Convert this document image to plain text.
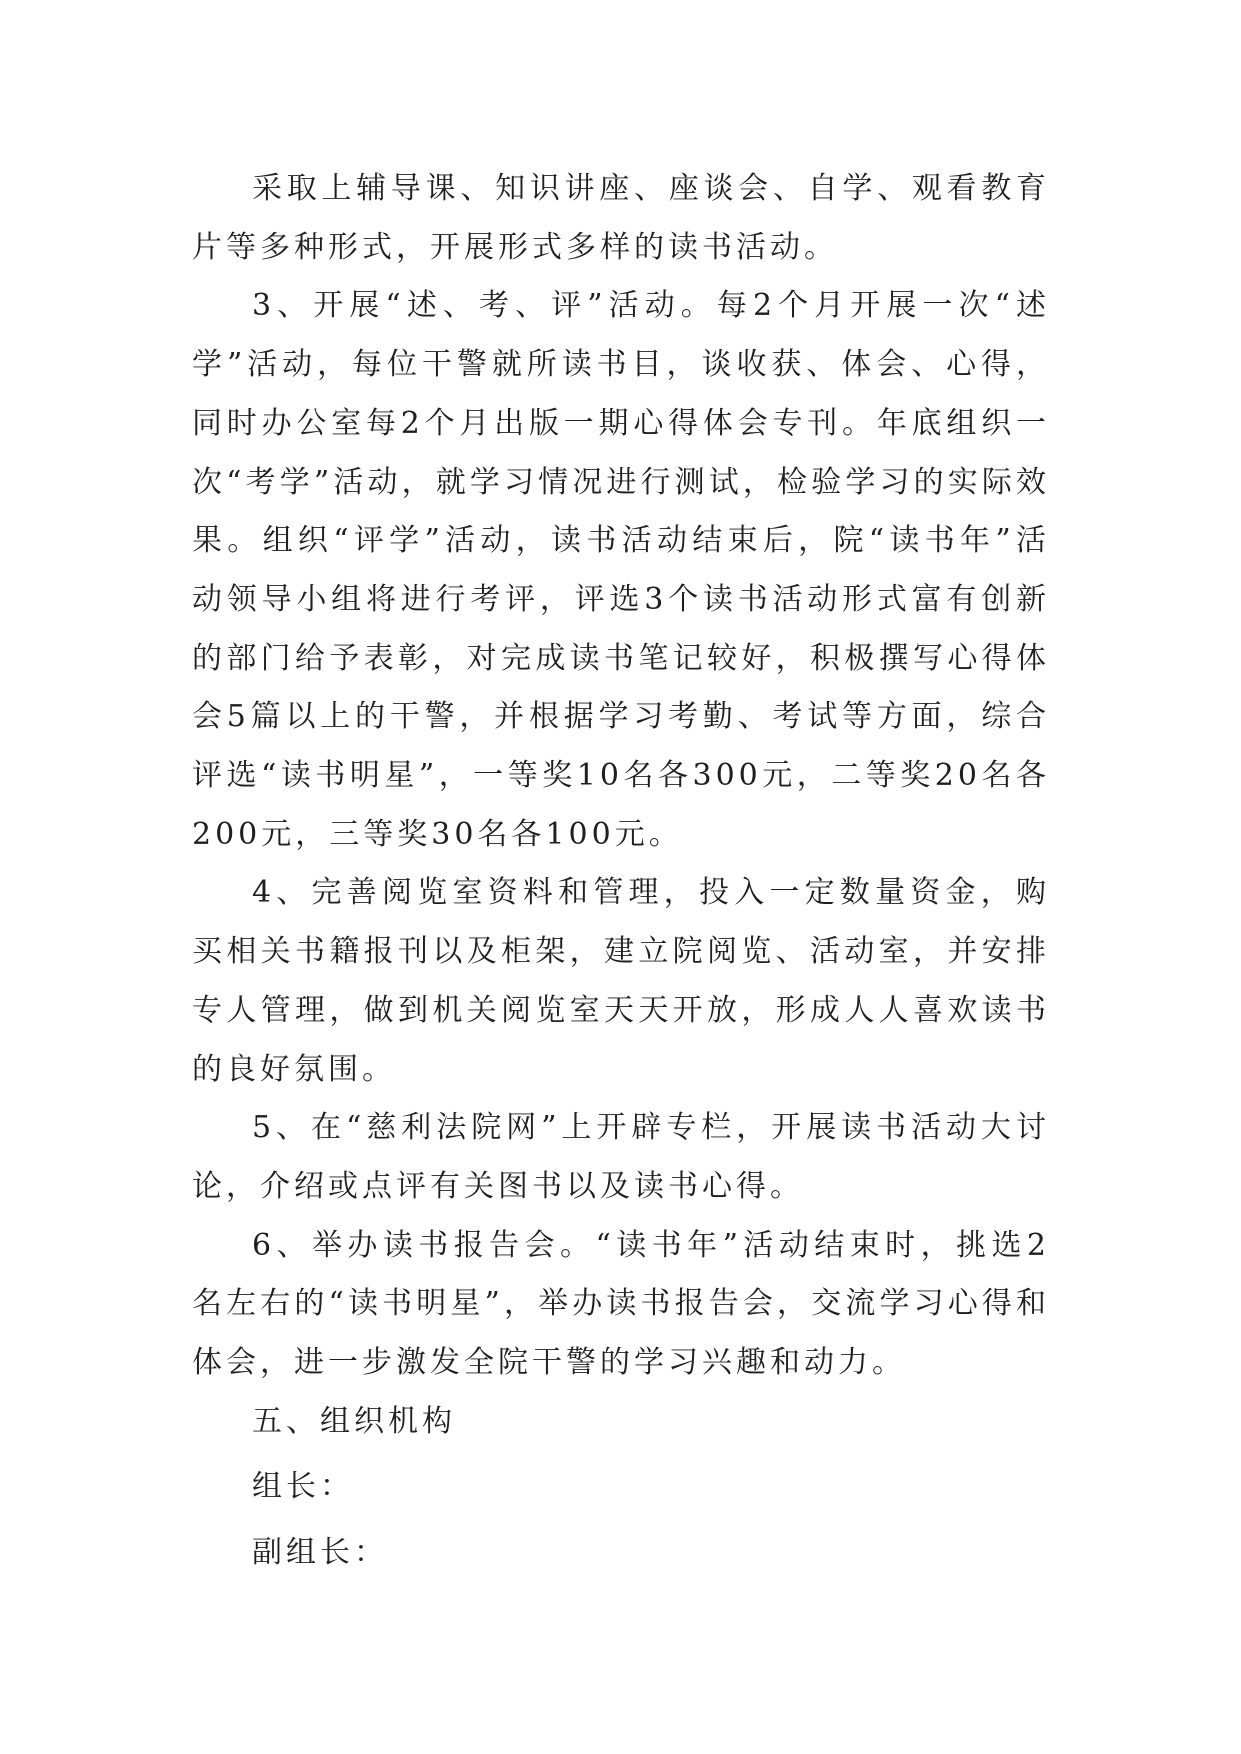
采取上辅导课、知识讲座、座谈会、自学、观看教育片等多种形式，开展形式多样的读书活动。

3、开展“述、考、评”活动。每2个月开展一次“述学”活动，每位干警就所读书目，谈收获、体会、心得，同时办公室每2个月出版一期心得体会专刊。年底组织一次“考学”活动，就学习情况进行测试，检验学习的实际效果。组织“评学”活动，读书活动结束后，院“读书年”活动领导小组将进行考评，评选3个读书活动形式富有创新的部门给予表彰，对完成读书笔记较好，积极撰写心得体会5篇以上的干警，并根据学习考勤、考试等方面，综合评选“读书明星”，一等奖10名各300元，二等奖20名各200元，三等奖30名各100元。

4、完善阅览室资料和管理，投入一定数量资金，购买相关书籍报刊以及柜架，建立院阅览、活动室，并安排专人管理，做到机关阅览室天天开放，形成人人喜欢读书的良好氛围。

5、在“慈利法院网”上开辟专栏，开展读书活动大讨论，介绍或点评有关图书以及读书心得。

6、举办读书报告会。“读书年”活动结束时，挑选2名左右的“读书明星”，举办读书报告会，交流学习心得和体会，进一步激发全院干警的学习兴趣和动力。

五、组织机构

组长：

副组长：
